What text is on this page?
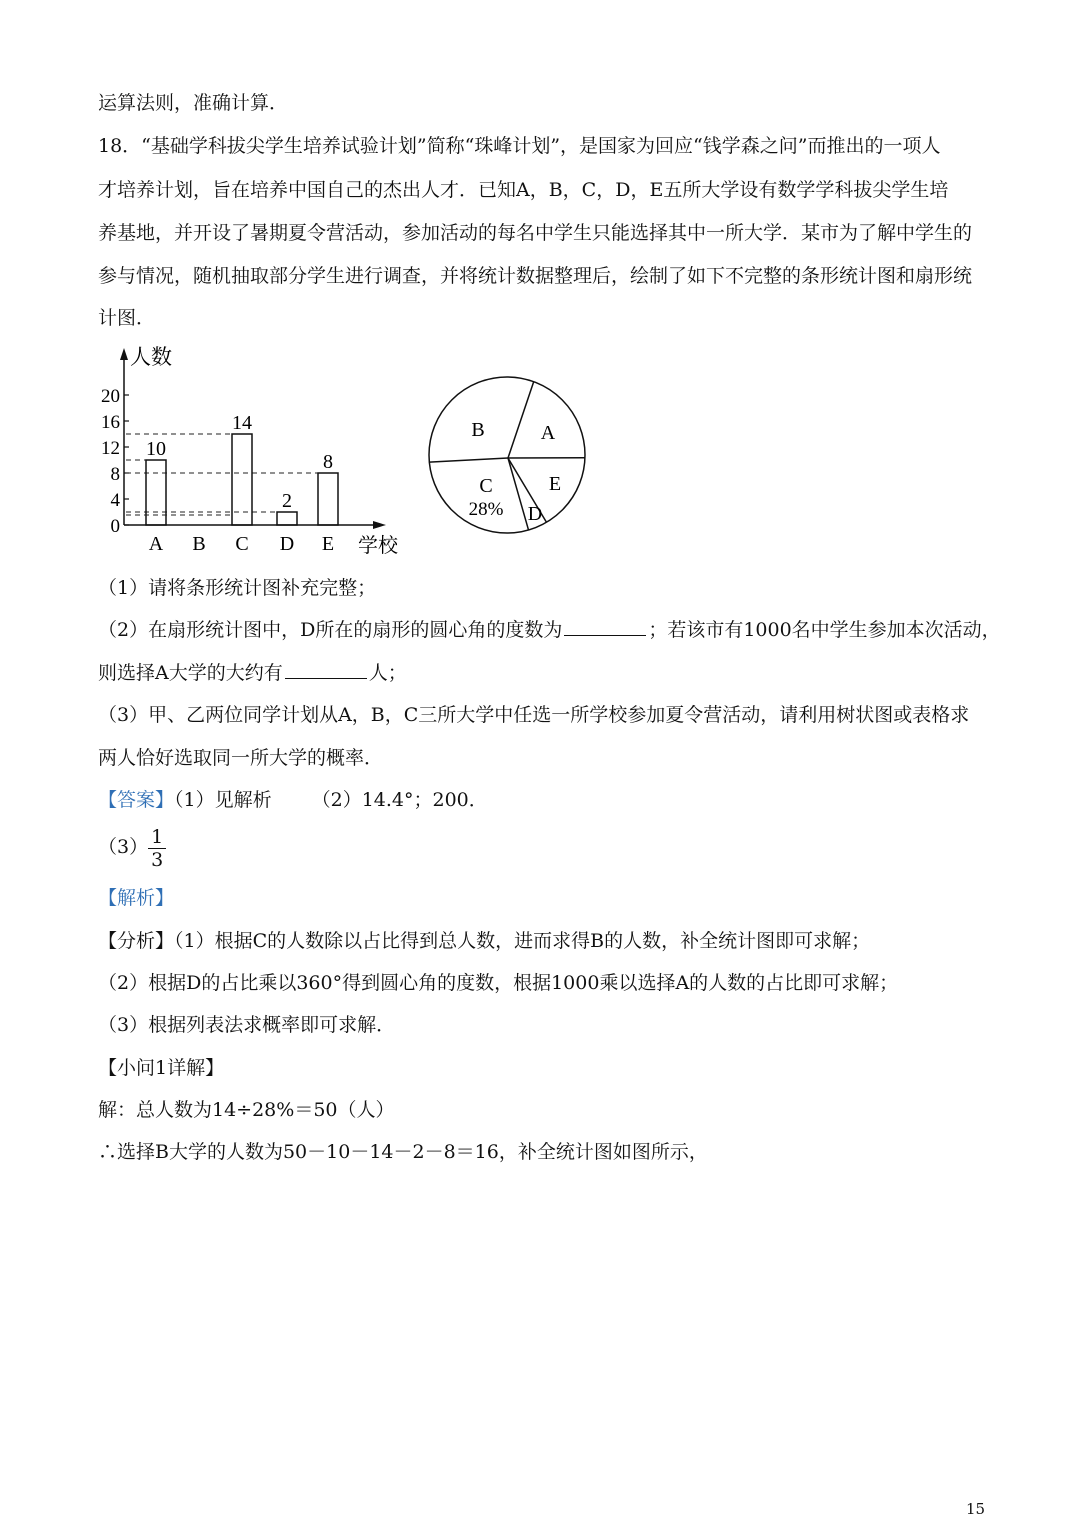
运算法则，准确计算．
18．“基础学科拔尖学生培养试验计划”简称“珠峰计划”，是国家为回应“钱学森之问”而推出的一项人
才培养计划，旨在培养中国自己的杰出人才．已知A，B，C，D，E五所大学设有数学学科拔尖学生培
养基地，并开设了暑期夏令营活动，参加活动的每名中学生只能选择其中一所大学．某市为了解中学生的
参与情况，随机抽取部分学生进行调查，并将统计数据整理后，绘制了如下不完整的条形统计图和扇形统
计图．
人数
学校
0
4
8
12
16
20
10
A B
14
C
2
D
8
E
A
E
D
C
28%
B
（1）请将条形统计图补充完整；
（2）在扇形统计图中，D所在的扇形的圆心角的度数为	；若该市有1000名中学生参加本次活动，
则选择A大学的大约有	人；
（3）甲、乙两位同学计划从A，B，C三所大学中任选一所学校参加夏令营活动，请利用树状图或表格求
两人恰好选取同一所大学的概率．
【答案】（1）见解析 （2）14.4°；200．
$(3) \frac{1}{3}$
【解析】
【分析】（1）根据C的人数除以占比得到总人数，进而求得B的人数，补全统计图即可求解；
（2）根据D的占比乘以360°得到圆心角的度数，根据1000乘以选择A的人数的占比即可求解；
（3）根据列表法求概率即可求解．
【小问1详解】
解：总人数为14÷28%＝50（人）
∴选择B大学的人数为50－10－14－2－8＝16，补全统计图如图所示，
15
